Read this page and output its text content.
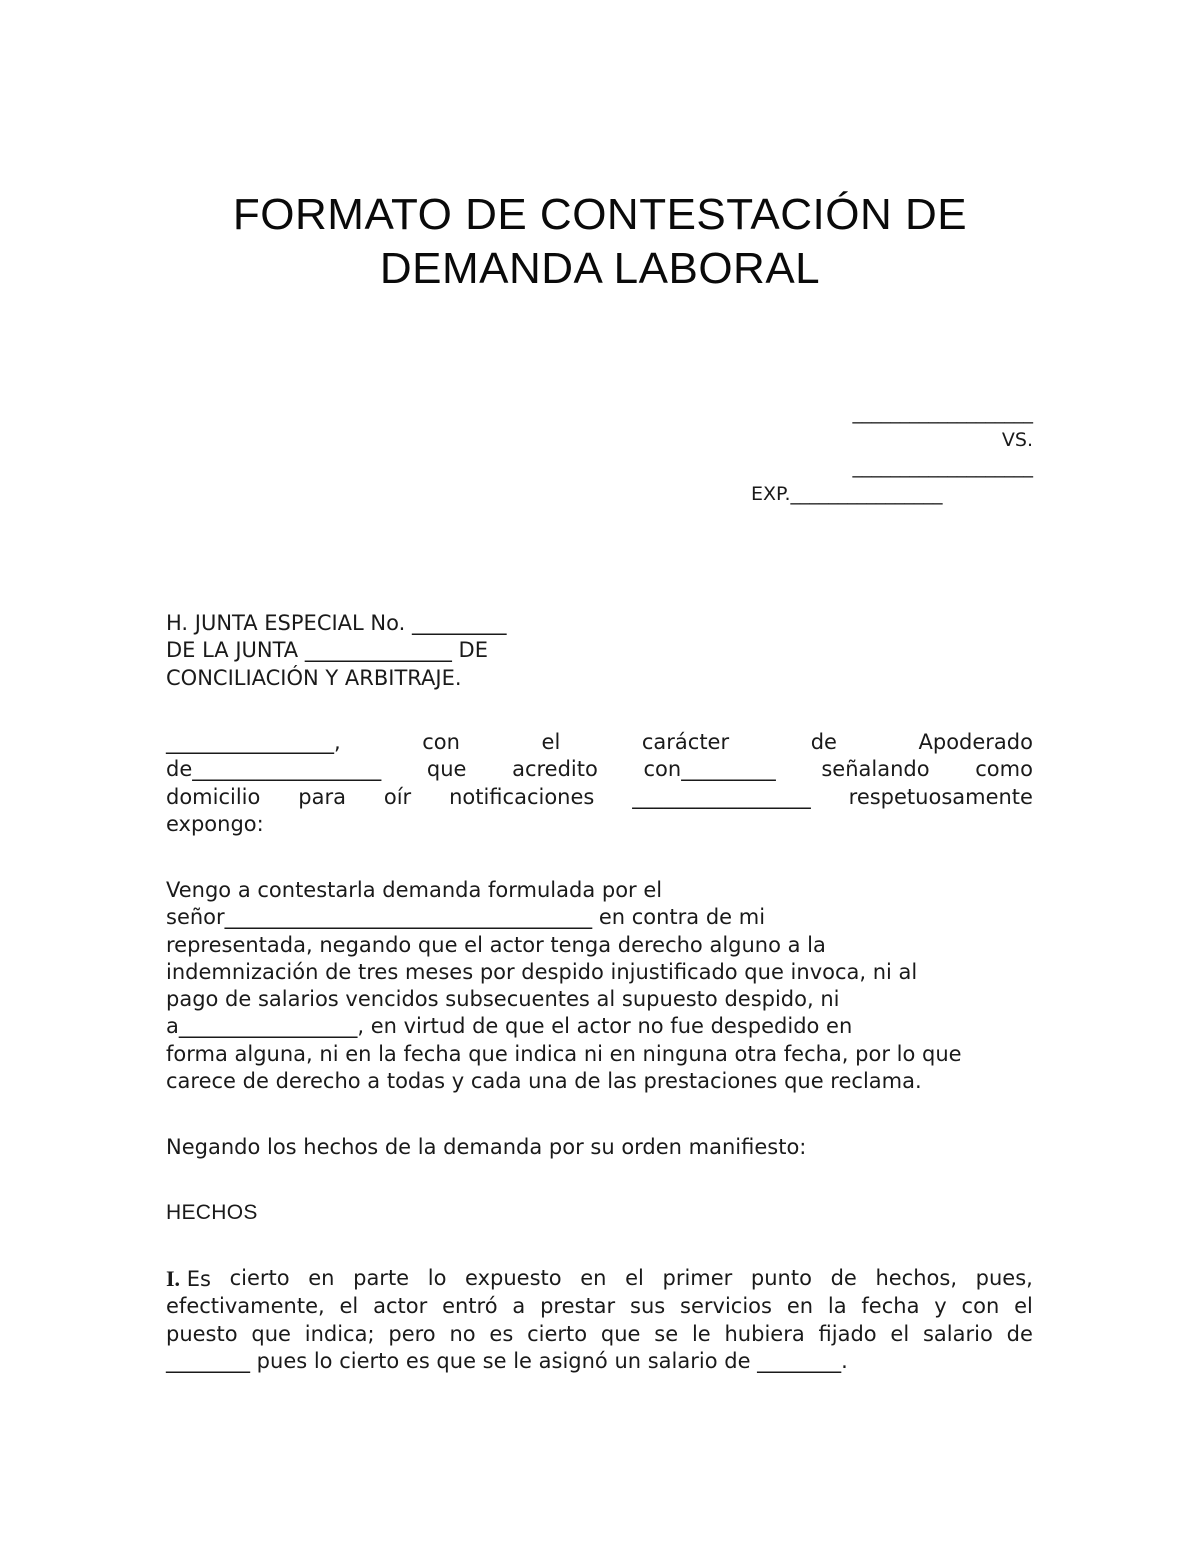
FORMATO DE CONTESTACIÓN DE
DEMANDA LABORAL
___________________
VS.
___________________
EXP.________________
H. JUNTA ESPECIAL No. _________
DE LA JUNTA ______________ DE
CONCILIACIÓN Y ARBITRAJE.
________________,	con	el	carácter	de	Apoderado
de__________________ que acredito con_________ señalando como
domicilio para oír notificaciones _________________ respetuosamente
expongo:
Vengo a contestarla demanda formulada por el
señor___________________________________ en contra de mi
representada, negando que el actor tenga derecho alguno a la
indemnización de tres meses por despido injustificado que invoca, ni al
pago de salarios vencidos subsecuentes al supuesto despido, ni
a_________________, en virtud de que el actor no fue despedido en
forma alguna, ni en la fecha que indica ni en ninguna otra fecha, por lo que
carece de derecho a todas y cada una de las prestaciones que reclama.
Negando los hechos de la demanda por su orden manifiesto:
HECHOS
I. Es cierto en parte lo expuesto en el primer punto de hechos, pues,
efectivamente, el actor entró a prestar sus servicios en la fecha y con el
puesto que indica; pero no es cierto que se le hubiera fijado el salario de
________ pues lo cierto es que se le asignó un salario de ________.
